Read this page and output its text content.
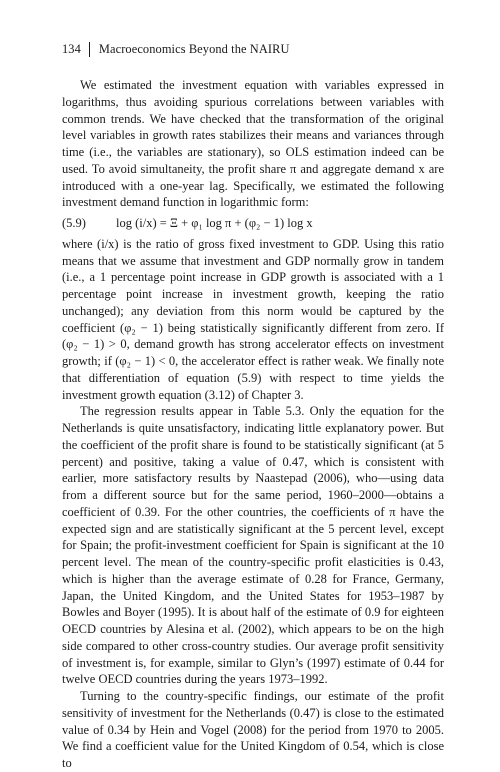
134 Macroeconomics Beyond the NAIRU

We estimated the investment equation with variables expressed in logarithms, thus avoiding spurious correlations between variables with common trends. We have checked that the transformation of the original level variables in growth rates stabilizes their means and variances through time (i.e., the variables are stationary), so OLS estimation indeed can be used. To avoid simultaneity, the profit share π and aggregate demand x are introduced with a one-year lag. Specifically, we estimated the following investment demand function in logarithmic form:

(5.9)	log (i/x) = Ξ + φ₁ log π + (φ₂ − 1) log x

where (i/x) is the ratio of gross fixed investment to GDP. Using this ratio means that we assume that investment and GDP normally grow in tandem (i.e., a 1 percentage point increase in GDP growth is associated with a 1 percentage point increase in investment growth, keeping the ratio unchanged); any deviation from this norm would be captured by the coefficient (φ₂ − 1) being statistically significantly different from zero. If (φ₂ − 1) > 0, demand growth has strong accelerator effects on investment growth; if (φ₂ − 1) < 0, the accelerator effect is rather weak. We finally note that differentiation of equation (5.9) with respect to time yields the investment growth equation (3.12) of Chapter 3.

The regression results appear in Table 5.3. Only the equation for the Netherlands is quite unsatisfactory, indicating little explanatory power. But the coefficient of the profit share is found to be statistically significant (at 5 percent) and positive, taking a value of 0.47, which is consistent with earlier, more satisfactory results by Naastepad (2006), who—using data from a different source but for the same period, 1960–2000—obtains a coefficient of 0.39. For the other countries, the coefficients of π have the expected sign and are statistically significant at the 5 percent level, except for Spain; the profit-investment coefficient for Spain is significant at the 10 percent level. The mean of the country-specific profit elasticities is 0.43, which is higher than the average estimate of 0.28 for France, Germany, Japan, the United Kingdom, and the United States for 1953–1987 by Bowles and Boyer (1995). It is about half of the estimate of 0.9 for eighteen OECD countries by Alesina et al. (2002), which appears to be on the high side compared to other cross-country studies. Our average profit sensitivity of investment is, for example, similar to Glyn’s (1997) estimate of 0.44 for twelve OECD countries during the years 1973–1992.

Turning to the country-specific findings, our estimate of the profit sensitivity of investment for the Netherlands (0.47) is close to the estimated value of 0.34 by Hein and Vogel (2008) for the period from 1970 to 2005. We find a coefficient value for the United Kingdom of 0.54, which is close to
